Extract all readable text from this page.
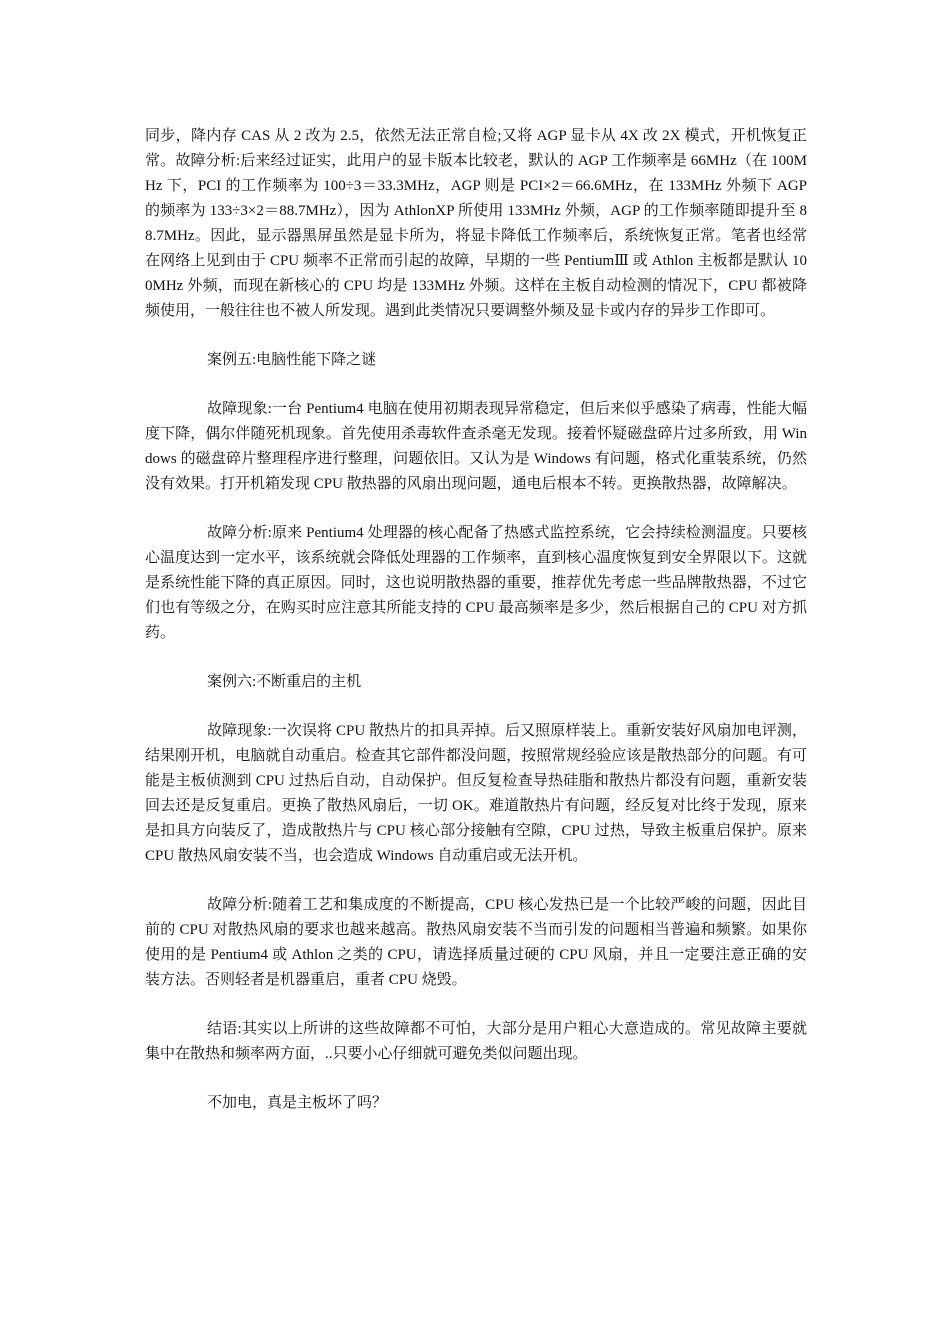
同步，降内存 CAS 从 2 改为 2.5，依然无法正常自检;又将 AGP 显卡从 4X 改 2X 模式，开机恢复正常。故障分析:后来经过证实，此用户的显卡版本比较老，默认的 AGP 工作频率是 66MHz（在 100MHz 下，PCI 的工作频率为 100÷3＝33.3MHz，AGP 则是 PCI×2＝66.6MHz，在 133MHz 外频下 AGP 的频率为 133÷3×2＝88.7MHz），因为 AthlonXP 所使用 133MHz 外频，AGP 的工作频率随即提升至 88.7MHz。因此，显示器黑屏虽然是显卡所为，将显卡降低工作频率后，系统恢复正常。笔者也经常在网络上见到由于 CPU 频率不正常而引起的故障，早期的一些 PentiumⅢ 或 Athlon 主板都是默认 100MHz 外频，而现在新核心的 CPU 均是 133MHz 外频。这样在主板自动检测的情况下，CPU 都被降频使用，一般往往也不被人所发现。遇到此类情况只要调整外频及显卡或内存的异步工作即可。

案例五:电脑性能下降之谜

故障现象:一台 Pentium4 电脑在使用初期表现异常稳定，但后来似乎感染了病毒，性能大幅度下降，偶尔伴随死机现象。首先使用杀毒软件查杀毫无发现。接着怀疑磁盘碎片过多所致，用 Windows 的磁盘碎片整理程序进行整理，问题依旧。又认为是 Windows 有问题，格式化重装系统，仍然没有效果。打开机箱发现 CPU 散热器的风扇出现问题，通电后根本不转。更换散热器，故障解决。

故障分析:原来 Pentium4 处理器的核心配备了热感式监控系统，它会持续检测温度。只要核心温度达到一定水平，该系统就会降低处理器的工作频率，直到核心温度恢复到安全界限以下。这就是系统性能下降的真正原因。同时，这也说明散热器的重要，推荐优先考虑一些品牌散热器，不过它们也有等级之分，在购买时应注意其所能支持的 CPU 最高频率是多少，然后根据自己的 CPU 对方抓药。

案例六:不断重启的主机

故障现象:一次误将 CPU 散热片的扣具弄掉。后又照原样装上。重新安装好风扇加电评测，结果刚开机，电脑就自动重启。检查其它部件都没问题，按照常规经验应该是散热部分的问题。有可能是主板侦测到 CPU 过热后自动，自动保护。但反复检查导热硅脂和散热片都没有问题，重新安装回去还是反复重启。更换了散热风扇后，一切 OK。难道散热片有问题，经反复对比终于发现，原来是扣具方向装反了，造成散热片与 CPU 核心部分接触有空隙，CPU 过热，导致主板重启保护。原来 CPU 散热风扇安装不当，也会造成 Windows 自动重启或无法开机。

故障分析:随着工艺和集成度的不断提高，CPU 核心发热已是一个比较严峻的问题，因此目前的 CPU 对散热风扇的要求也越来越高。散热风扇安装不当而引发的问题相当普遍和频繁。如果你使用的是 Pentium4 或 Athlon 之类的 CPU，请选择质量过硬的 CPU 风扇，并且一定要注意正确的安装方法。否则轻者是机器重启，重者 CPU 烧毁。

结语:其实以上所讲的这些故障都不可怕，大部分是用户粗心大意造成的。常见故障主要就集中在散热和频率两方面，..只要小心仔细就可避免类似问题出现。

不加电，真是主板坏了吗？
